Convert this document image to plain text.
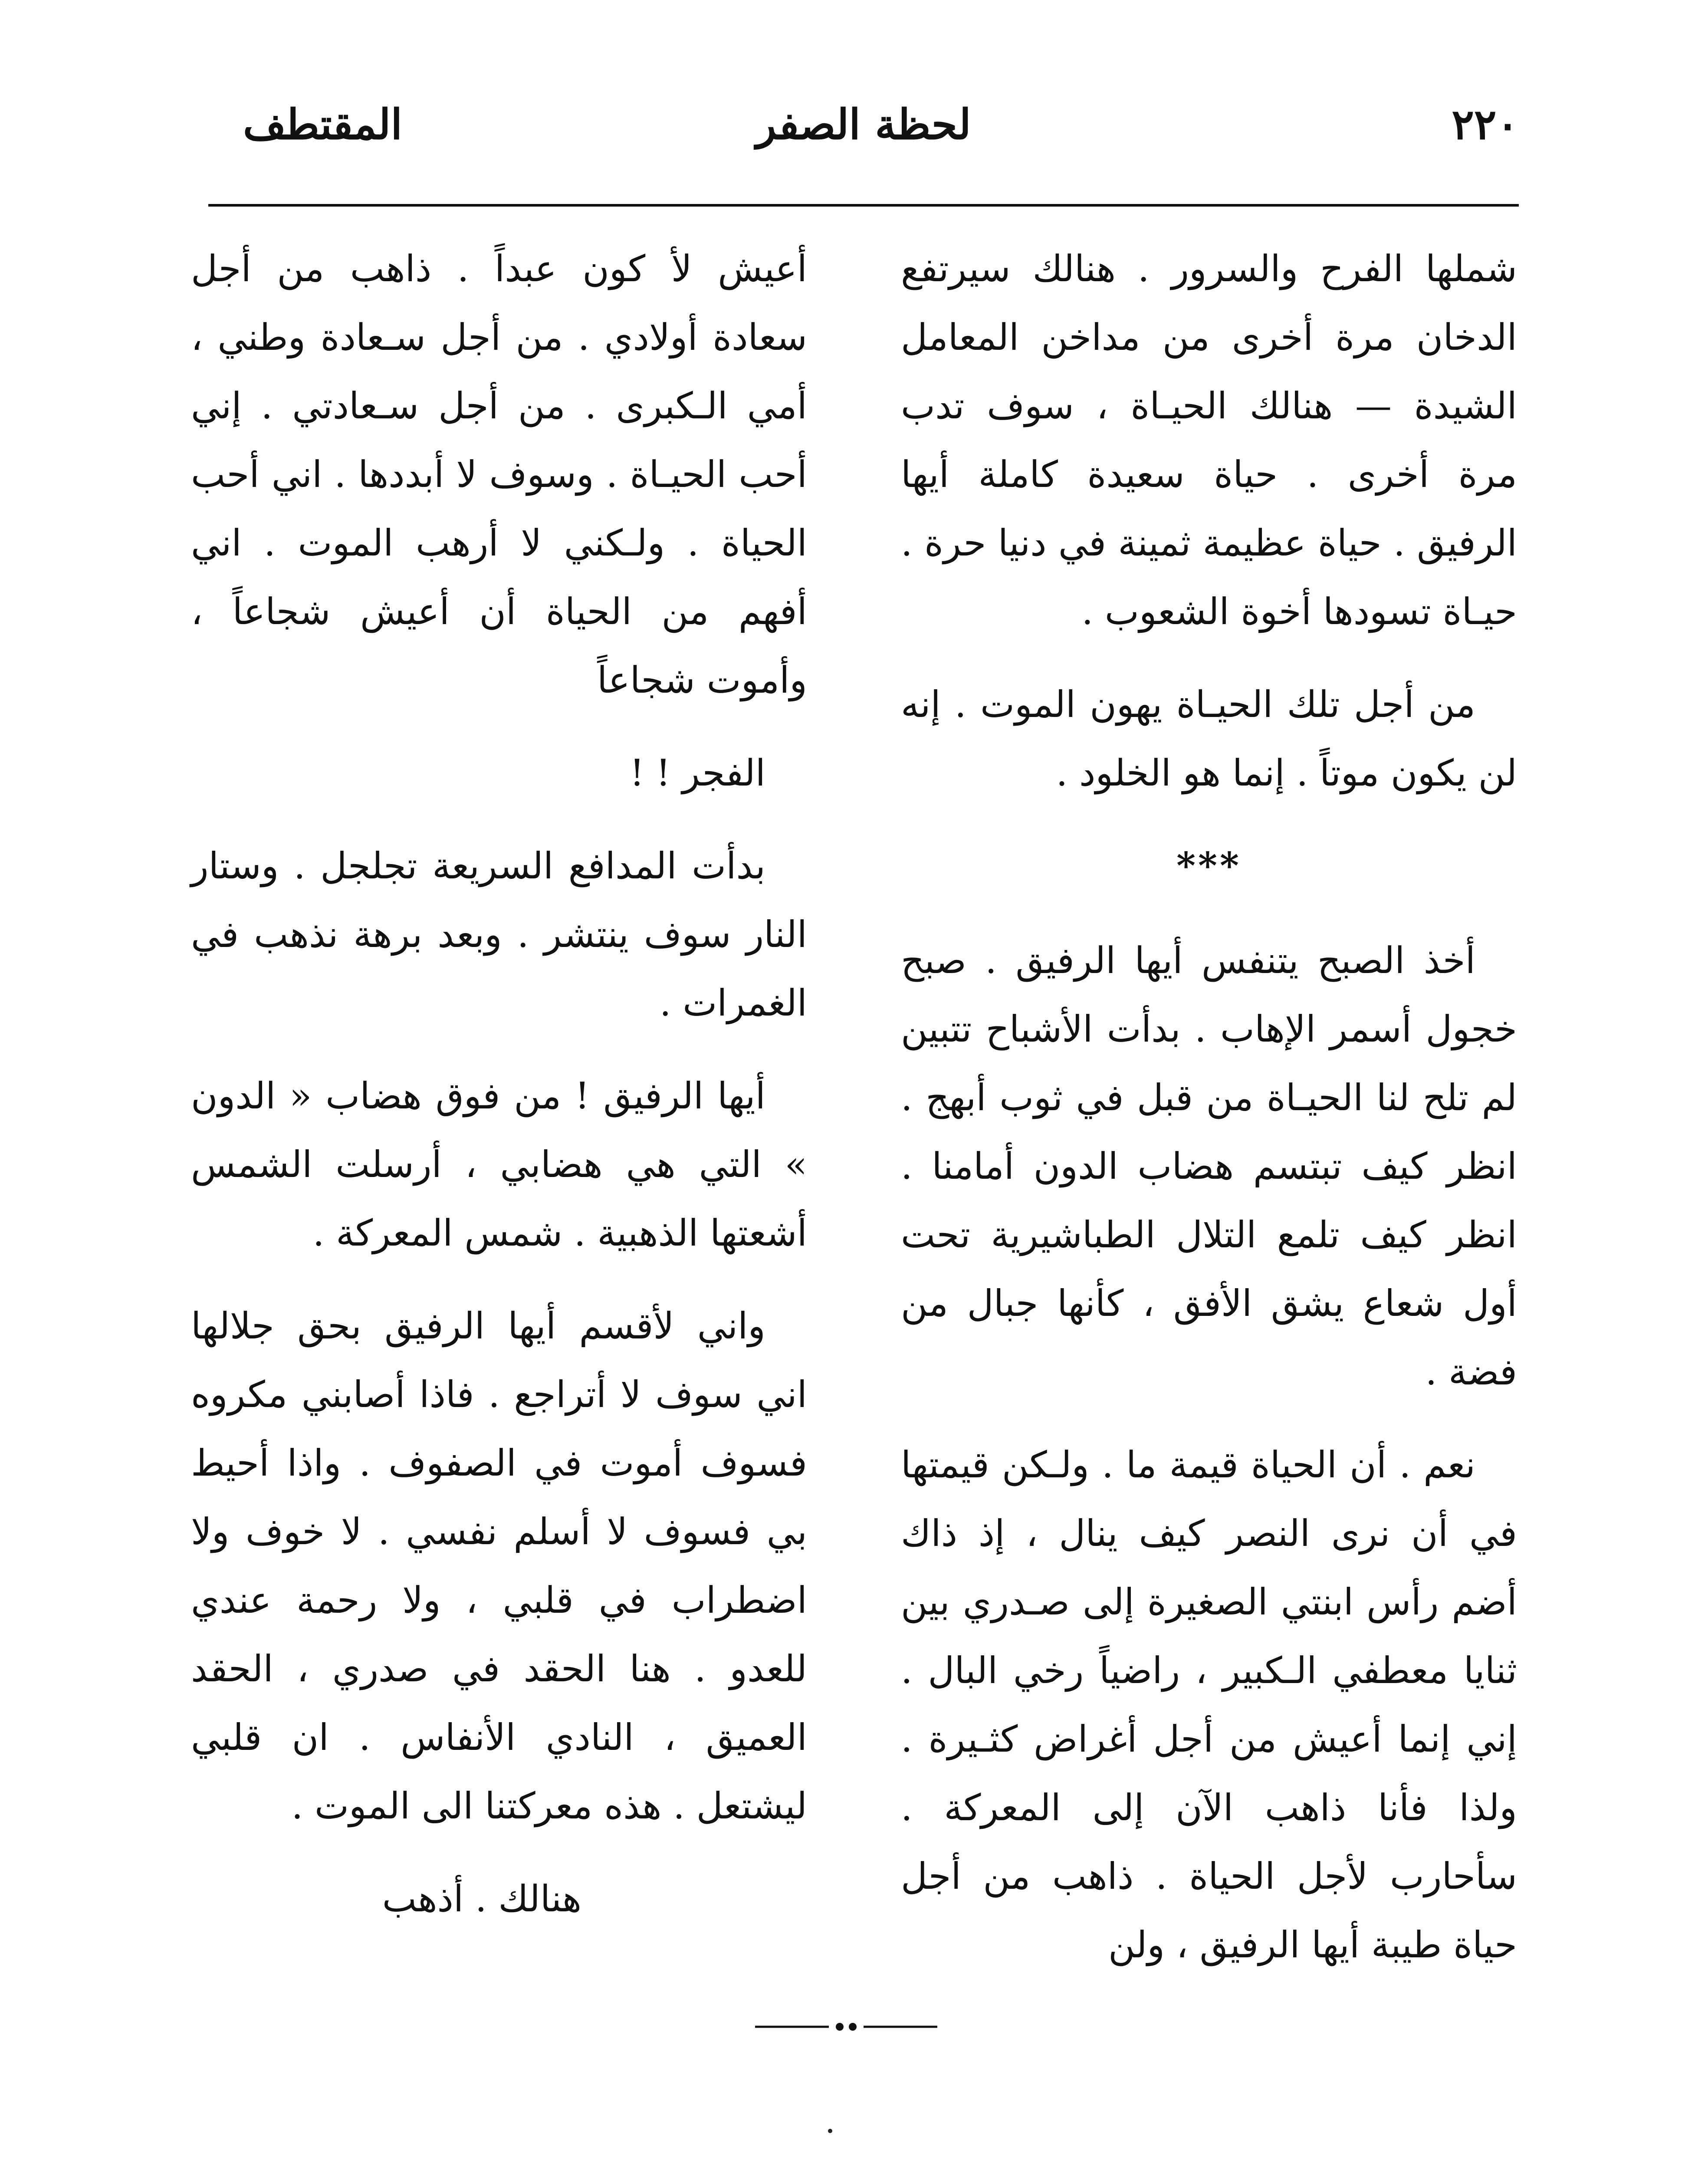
٢٢٠
لحظة الصفر
المقتطف

شملها الفرح والسرور . هنالك سيرتفع الدخان مرة أخرى من مداخن المعامل الشيدة — هنالك الحيـاة ، سوف تدب مرة أخرى . حياة سعيدة كاملة أيها الرفيق . حياة عظيمة ثمينة في دنيا حرة . حيـاة تسودها أخوة الشعوب .

من أجل تلك الحيـاة يهون الموت . إنه لن يكون موتاً . إنما هو الخلود .

***

أخذ الصبح يتنفس أيها الرفيق . صبح خجول أسمر الإهاب . بدأت الأشباح تتبين لم تلح لنا الحيـاة من قبل في ثوب أبهج . انظر كيف تبتسم هضاب الدون أمامنا . انظر كيف تلمع التلال الطباشيرية تحت أول شعاع يشق الأفق ، كأنها جبال من فضة .

نعم . أن الحياة قيمة ما . ولـكن قيمتها في أن نرى النصر كيف ينال ، إذ ذاك أضم رأس ابنتي الصغيرة إلى صـدري بين ثنايا معطفي الـكبير ، راضياً رخي البال . إني إنما أعيش من أجل أغراض كثـيرة . ولذا فأنا ذاهب الآن إلى المعركة . سأحارب لأجل الحياة . ذاهب من أجل حياة طيبة أيها الرفيق ، ولن

أعيش لأ كون عبداً . ذاهب من أجل سعادة أولادي . من أجل سـعادة وطني ، أمي الـكبرى . من أجل سـعادتي . إني أحب الحيـاة . وسوف لا أبددها . اني أحب الحياة . ولـكني لا أرهب الموت . اني أفهم من الحياة أن أعيش شجاعاً ، وأموت شجاعاً

الفجر ! !

بدأت المدافع السريعة تجلجل . وستار النار سوف ينتشر . وبعد برهة نذهب في الغمرات .

أيها الرفيق ! من فوق هضاب « الدون » التي هي هضابي ، أرسلت الشمس أشعتها الذهبية . شمس المعركة .

واني لأقسم أيها الرفيق بحق جلالها اني سوف لا أتراجع . فاذا أصابني مكروه فسوف أموت في الصفوف . واذا أحيط بي فسوف لا أسلم نفسي . لا خوف ولا اضطراب في قلبي ، ولا رحمة عندي للعدو . هنا الحقد في صدري ، الحقد العميق ، النادي الأنفاس . ان قلبي ليشتعل . هذه معركتنا الى الموت .

هنالك . أذهب
